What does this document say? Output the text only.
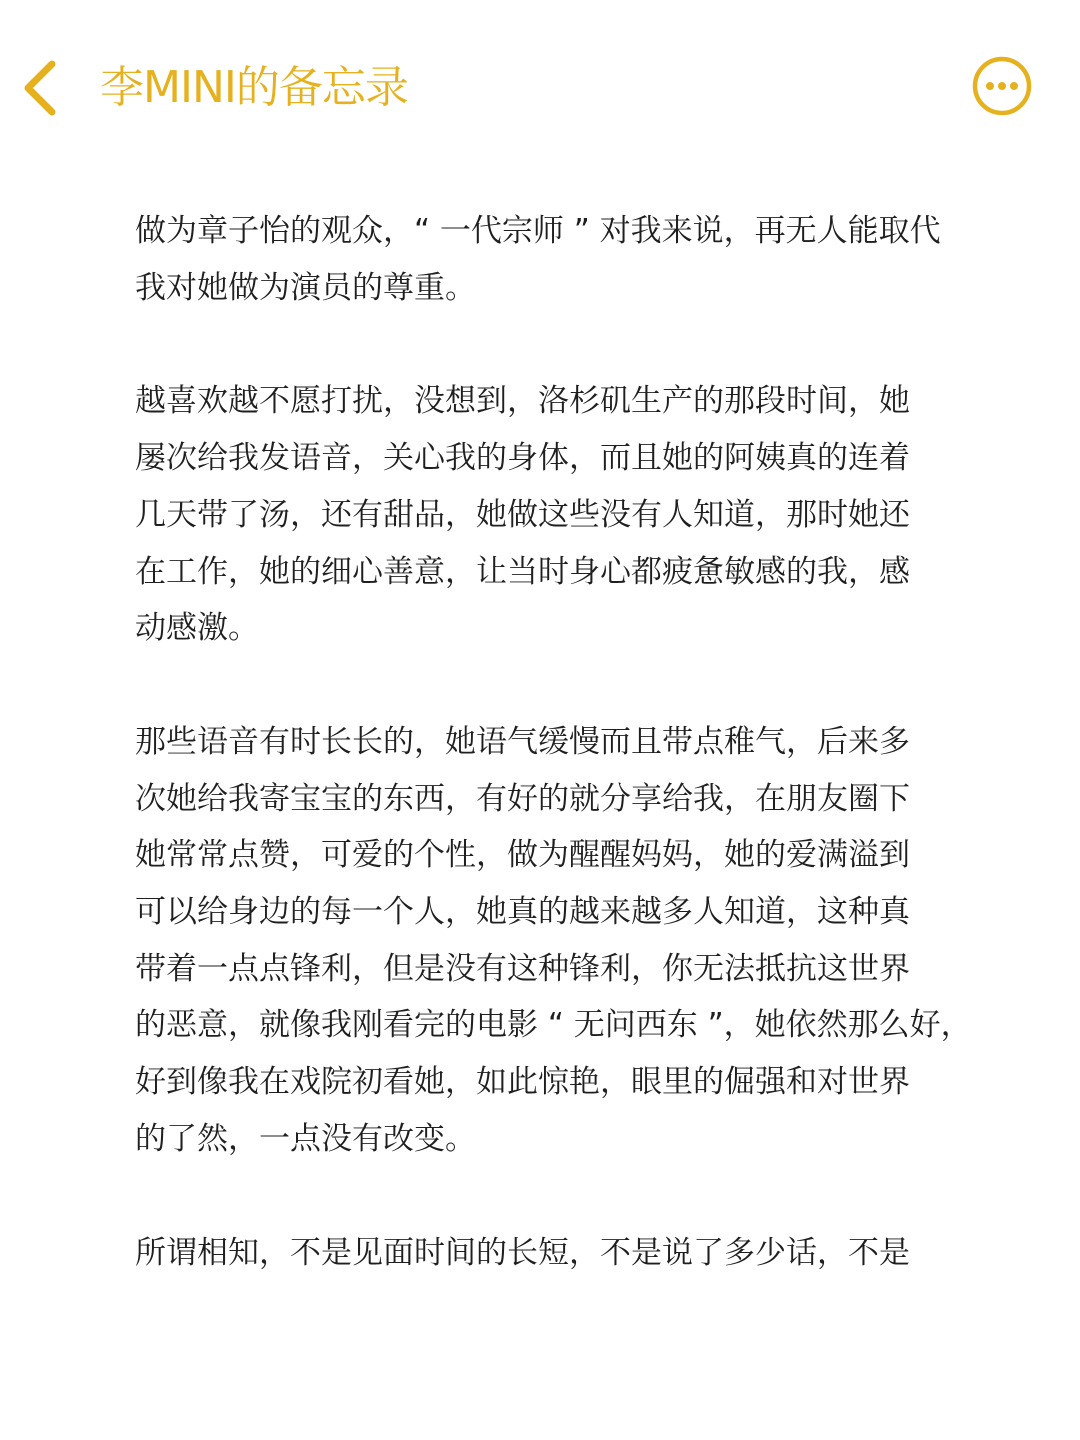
李MINI的备忘录

做为章子怡的观众，“ 一代宗师 ” 对我来说，再无人能取代
我对她做为演员的尊重。

越喜欢越不愿打扰，没想到，洛杉矶生产的那段时间，她
屡次给我发语音，关心我的身体，而且她的阿姨真的连着
几天带了汤，还有甜品，她做这些没有人知道，那时她还
在工作，她的细心善意，让当时身心都疲惫敏感的我，感
动感激。

那些语音有时长长的，她语气缓慢而且带点稚气，后来多
次她给我寄宝宝的东西，有好的就分享给我，在朋友圈下
她常常点赞，可爱的个性，做为醒醒妈妈，她的爱满溢到
可以给身边的每一个人，她真的越来越多人知道，这种真
带着一点点锋利，但是没有这种锋利，你无法抵抗这世界
的恶意，就像我刚看完的电影 “ 无问西东 ”，她依然那么好，
好到像我在戏院初看她，如此惊艳，眼里的倔强和对世界
的了然，一点没有改变。

所谓相知，不是见面时间的长短，不是说了多少话，不是
